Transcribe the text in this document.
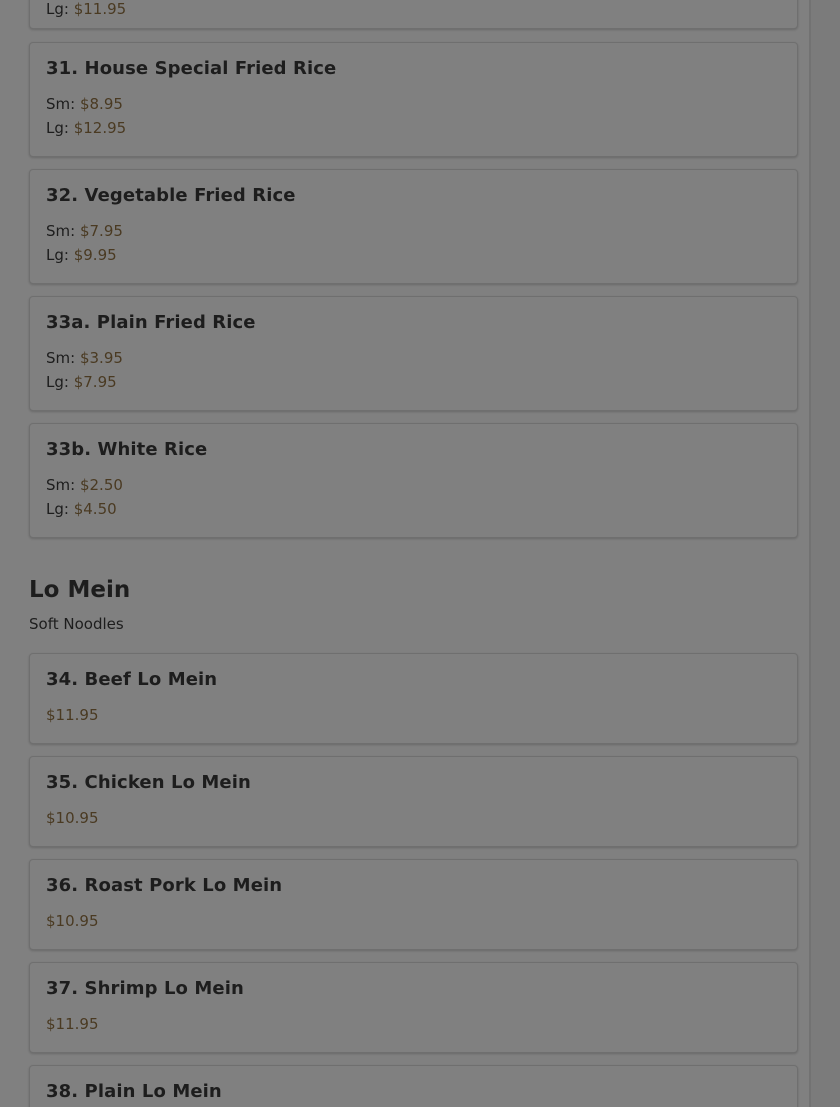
Lg: $11.95
31. House Special Fried Rice
Sm: $8.95
Lg: $12.95
32. Vegetable Fried Rice
Sm: $7.95
Lg: $9.95
33a. Plain Fried Rice
Sm: $3.95
Lg: $7.95
33b. White Rice
Sm: $2.50
Lg: $4.50
Lo Mein
Soft Noodles
34. Beef Lo Mein
$11.95
35. Chicken Lo Mein
$10.95
36. Roast Pork Lo Mein
$10.95
37. Shrimp Lo Mein
$11.95
38. Plain Lo Mein
